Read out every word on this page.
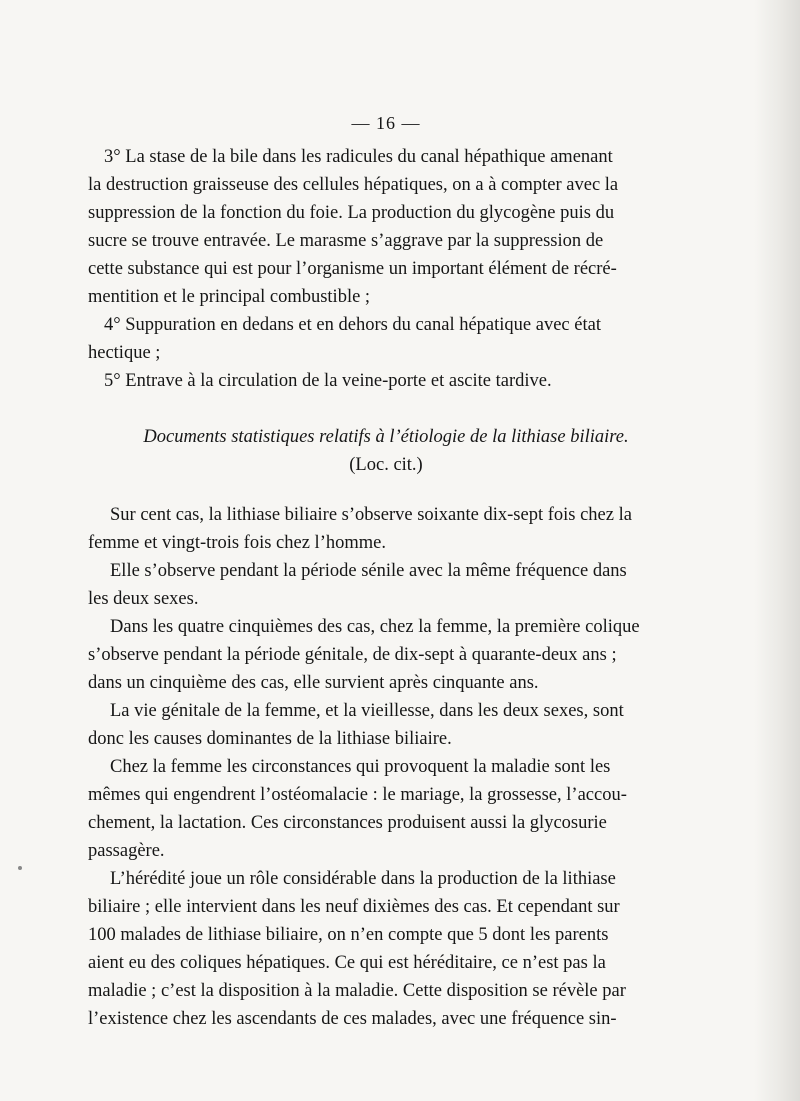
— 16 —
3° La stase de la bile dans les radicules du canal hépathique amenant
la destruction graisseuse des cellules hépatiques, on a à compter avec la
suppression de la fonction du foie. La production du glycogène puis du
sucre se trouve entravée. Le marasme s’aggrave par la suppression de
cette substance qui est pour l’organisme un important élément de récré-
mentition et le principal combustible ;
4° Suppuration en dedans et en dehors du canal hépatique avec état
hectique ;
5° Entrave à la circulation de la veine-porte et ascite tardive.
Documents statistiques relatifs à l’étiologie de la lithiase biliaire.
(Loc. cit.)
Sur cent cas, la lithiase biliaire s’observe soixante dix-sept fois chez la
femme et vingt-trois fois chez l’homme.
Elle s’observe pendant la période sénile avec la même fréquence dans
les deux sexes.
Dans les quatre cinquièmes des cas, chez la femme, la première colique
s’observe pendant la période génitale, de dix-sept à quarante-deux ans ;
dans un cinquième des cas, elle survient après cinquante ans.
La vie génitale de la femme, et la vieillesse, dans les deux sexes, sont
donc les causes dominantes de la lithiase biliaire.
Chez la femme les circonstances qui provoquent la maladie sont les
mêmes qui engendrent l’ostéomalacie : le mariage, la grossesse, l’accou-
chement, la lactation. Ces circonstances produisent aussi la glycosurie
passagère.
L’hérédité joue un rôle considérable dans la production de la lithiase
biliaire ; elle intervient dans les neuf dixièmes des cas. Et cependant sur
100 malades de lithiase biliaire, on n’en compte que 5 dont les parents
aient eu des coliques hépatiques. Ce qui est héréditaire, ce n’est pas la
maladie ; c’est la disposition à la maladie. Cette disposition se révèle par
l’existence chez les ascendants de ces malades, avec une fréquence sin-
